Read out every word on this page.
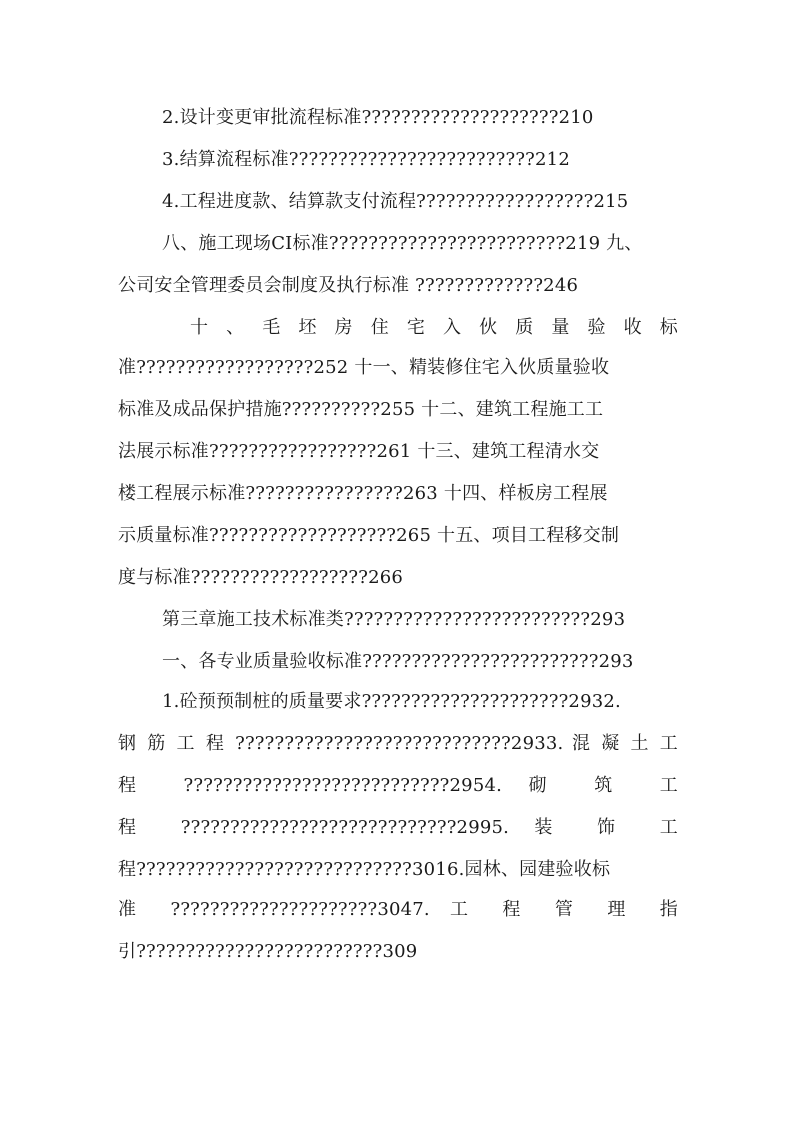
2.设计变更审批流程标准????????????????????210
3.结算流程标准?????????????????????????212
4.工程进度款、结算款支付流程??????????????????215
八、施工现场CI标准????????????????????????219 九、
公司安全管理委员会制度及执行标准 ?????????????246
十 、 毛 坯 房 住 宅 入 伙 质 量 验 收 标
准??????????????????252 十一、精装修住宅入伙质量验收
标准及成品保护措施??????????255 十二、建筑工程施工工
法展示标准?????????????????261 十三、建筑工程清水交
楼工程展示标准????????????????263 十四、样板房工程展
示质量标准???????????????????265 十五、项目工程移交制
度与标准??????????????????266
第三章施工技术标准类?????????????????????????293
一、各专业质量验收标准????????????????????????293
1.砼预预制桩的质量要求?????????????????????2932.
钢 筋 工 程 ????????????????????????????2933. 混 凝 土 工
程 ???????????????????????????2954. 砌 筑 工
程 ????????????????????????????2995. 装 饰 工
程????????????????????????????3016.园林、园建验收标
准 ?????????????????????3047. 工 程 管 理 指
引?????????????????????????309
